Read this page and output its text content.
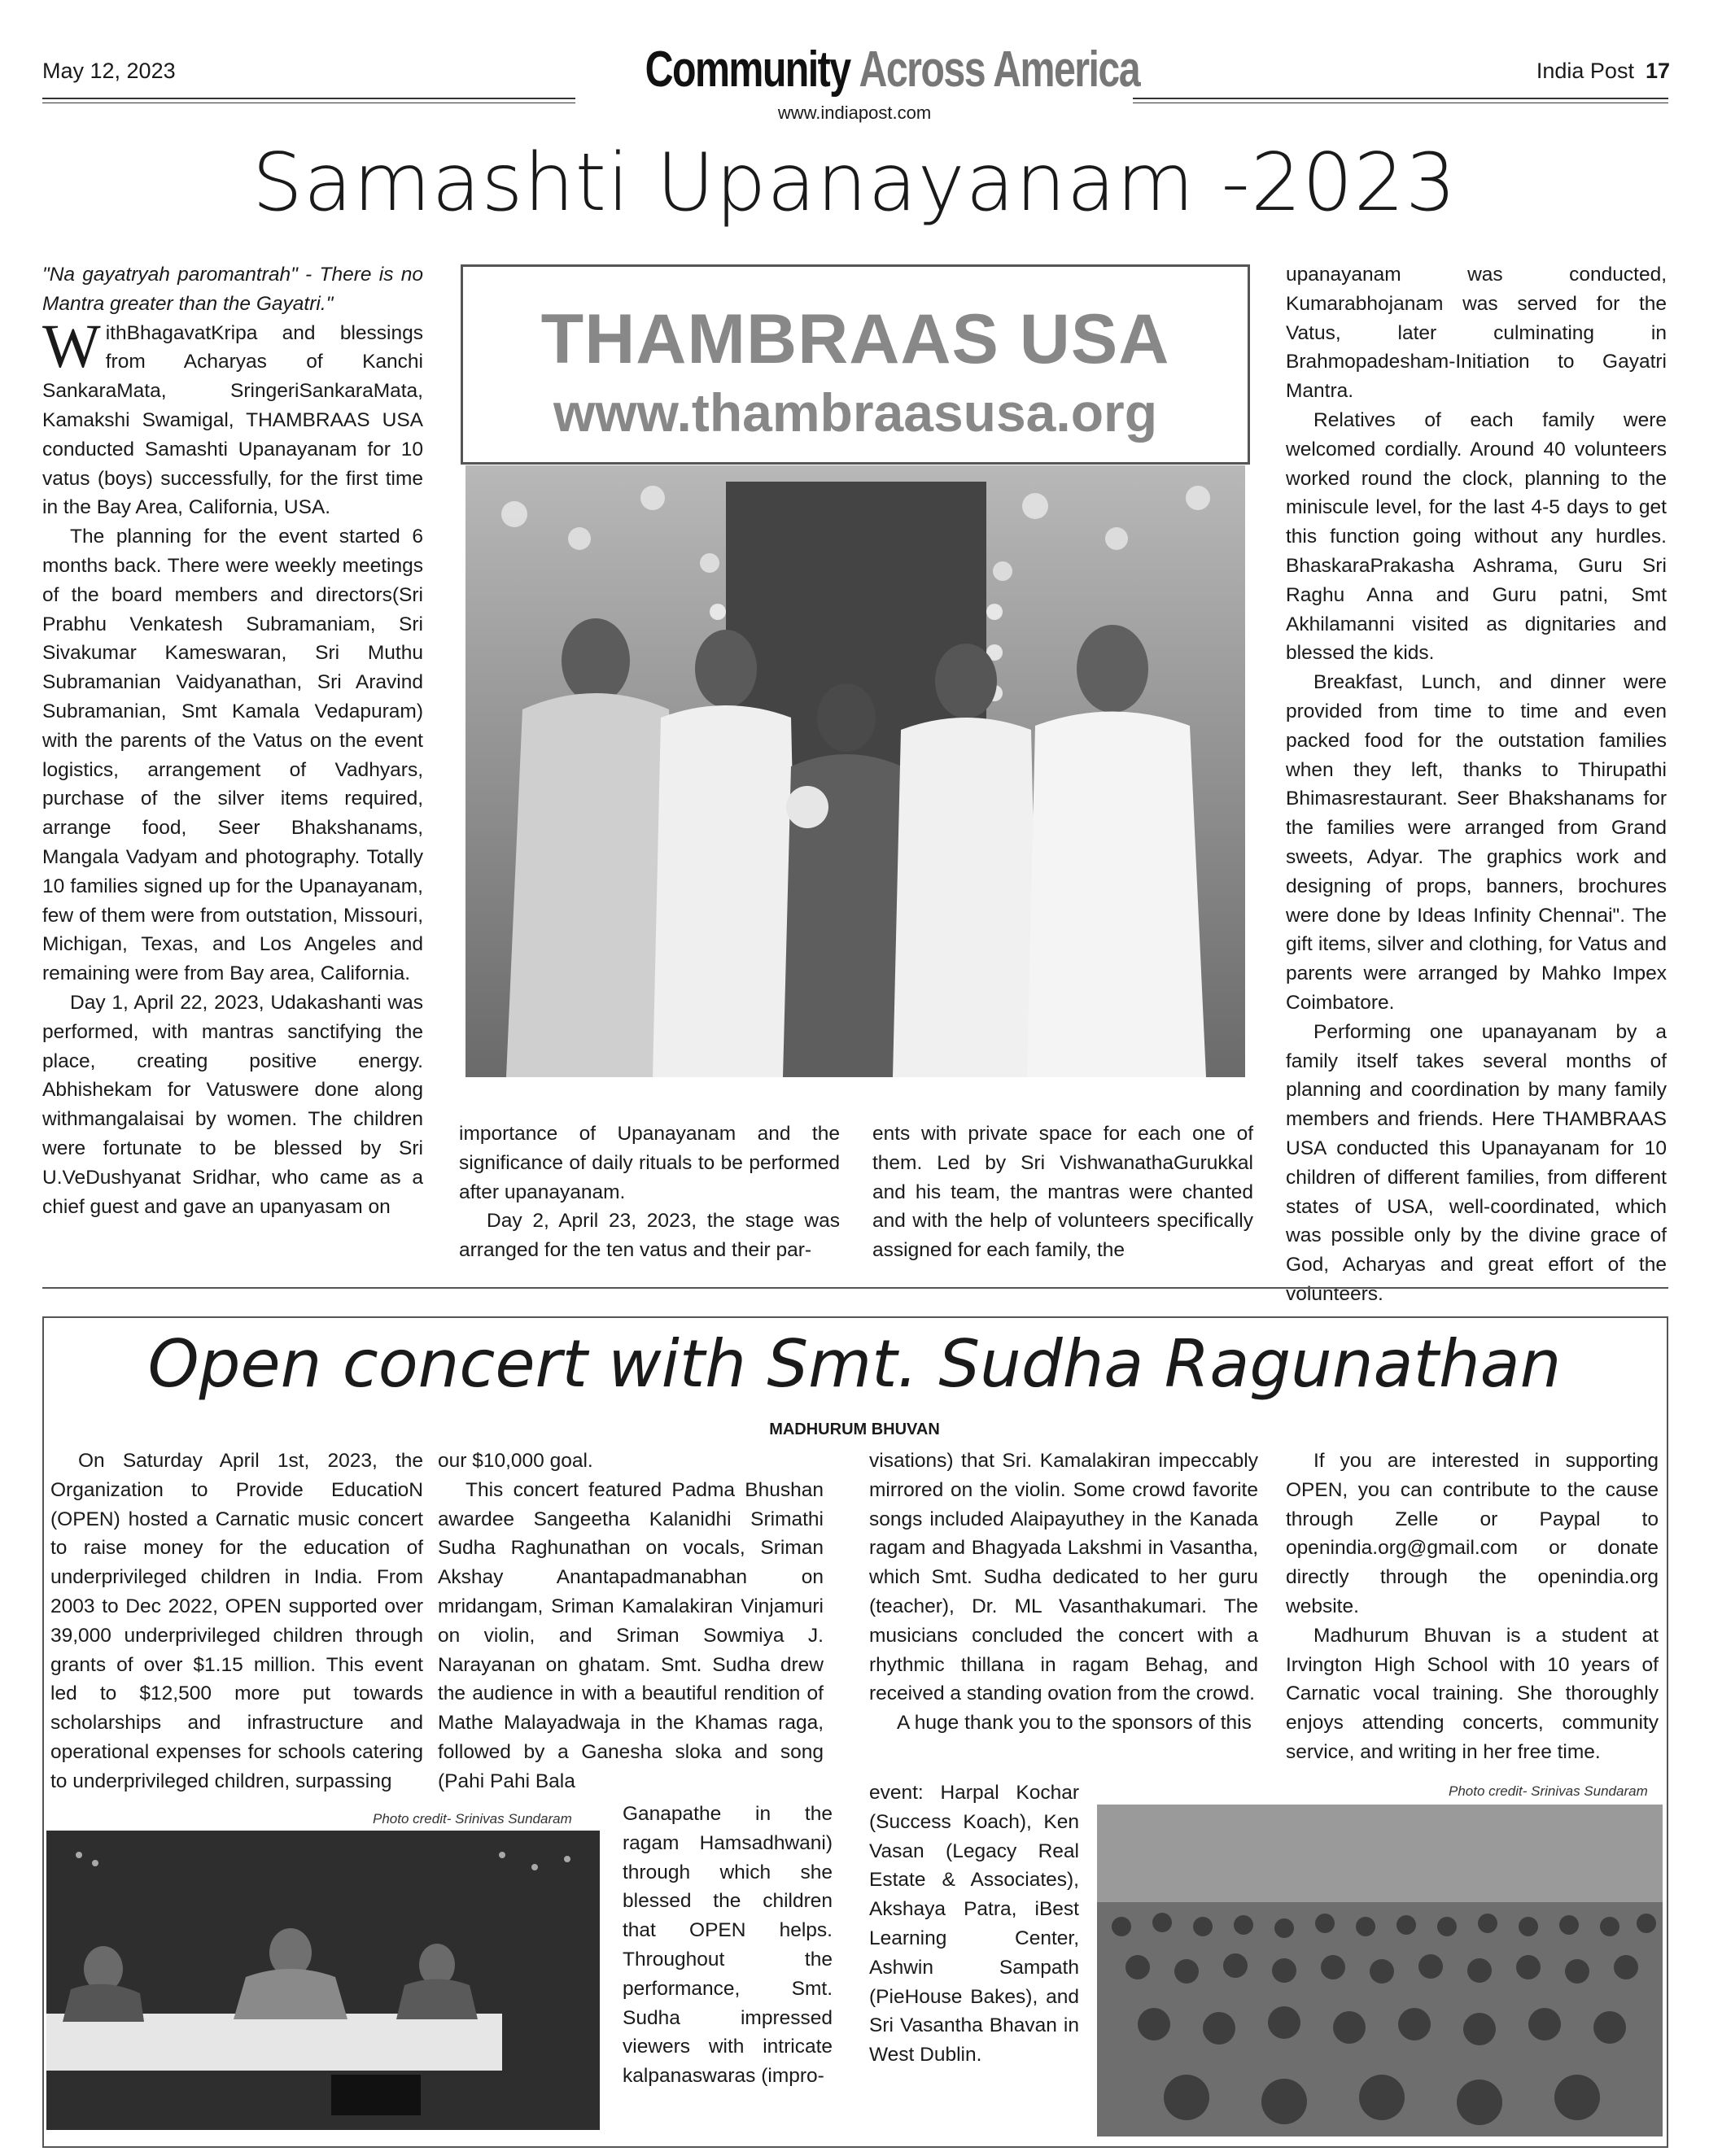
May 12, 2023	Community Across America
www.indiapost.com
India Post 17
Samashti Upanayanam -2023

"Na gayatryah paromantrah" - There is no Mantra greater than the Gayatri."

WithBhagavatKripa and blessings from Acharyas of Kanchi SankaraMata, SringeriSankaraMata, Kamakshi Swamigal, THAMBRAAS USA conducted Samashti Upanayanam for 10 vatus (boys) successfully, for the first time in the Bay Area, California, USA.

The planning for the event started 6 months back. There were weekly meetings of the board members and directors(Sri Prabhu Venkatesh Subramaniam, Sri Sivakumar Kameswaran, Sri Muthu Subramanian Vaidyanathan, Sri Aravind Subramanian, Smt Kamala Vedapuram) with the parents of the Vatus on the event logistics, arrangement of Vadhyars, purchase of the silver items required, arrange food, Seer Bhakshanams, Mangala Vadyam and photography. Totally 10 families signed up for the Upanayanam, few of them were from outstation, Missouri, Michigan, Texas, and Los Angeles and remaining were from Bay area, California.

Day 1, April 22, 2023, Udakashanti was performed, with mantras sanctifying the place, creating positive energy. Abhishekam for Vatuswere done along withmangalaisai by women. The children were fortunate to be blessed by Sri U.VeDushyanat Sridhar, who came as a chief guest and gave an upanyasam on

THAMBRAAS USA
www.thambraasusa.org

importance of Upanayanam and the significance of daily rituals to be performed after upanayanam.

Day 2, April 23, 2023, the stage was arranged for the ten vatus and their par-

ents with private space for each one of them. Led by Sri VishwanathaGurukkal and his team, the mantras were chanted and with the help of volunteers specifically assigned for each family, the

upanayanam was conducted, Kumarabhojanam was served for the Vatus, later culminating in Brahmopadesham-Initiation to Gayatri Mantra.

Relatives of each family were welcomed cordially. Around 40 volunteers worked round the clock, planning to the miniscule level, for the last 4-5 days to get this function going without any hurdles. BhaskaraPrakasha Ashrama, Guru Sri Raghu Anna and Guru patni, Smt Akhilamanni visited as dignitaries and blessed the kids.

Breakfast, Lunch, and dinner were provided from time to time and even packed food for the outstation families when they left, thanks to Thirupathi Bhimasrestaurant. Seer Bhakshanams for the families were arranged from Grand sweets, Adyar. The graphics work and designing of props, banners, brochures were done by Ideas Infinity Chennai". The gift items, silver and clothing, for Vatus and parents were arranged by Mahko Impex Coimbatore.

Performing one upanayanam by a family itself takes several months of planning and coordination by many family members and friends. Here THAMBRAAS USA conducted this Upanayanam for 10 children of different families, from different states of USA, well-coordinated, which was possible only by the divine grace of God, Acharyas and great effort of the volunteers.

Open concert with Smt. Sudha Ragunathan
MADHURUM BHUVAN

On Saturday April 1st, 2023, the Organization to Provide EducatioN (OPEN) hosted a Carnatic music concert to raise money for the education of underprivileged children in India. From 2003 to Dec 2022, OPEN supported over 39,000 underprivileged children through grants of over $1.15 million. This event led to $12,500 more put towards scholarships and infrastructure and operational expenses for schools catering to underprivileged children, surpassing

our $10,000 goal.

This concert featured Padma Bhushan awardee Sangeetha Kalanidhi Srimathi Sudha Raghunathan on vocals, Sriman Akshay Anantapadmanabhan on mridangam, Sriman Kamalakiran Vinjamuri on violin, and Sriman Sowmiya J. Narayanan on ghatam. Smt. Sudha drew the audience in with a beautiful rendition of Mathe Malayadwaja in the Khamas raga, followed by a Ganesha sloka and song (Pahi Pahi Bala

Ganapathe in the ragam Hamsadhwani) through which she blessed the children that OPEN helps. Throughout the performance, Smt. Sudha impressed viewers with intricate kalpanaswaras (impro-

visations) that Sri. Kamalakiran impeccably mirrored on the violin. Some crowd favorite songs included Alaipayuthey in the Kanada ragam and Bhagyada Lakshmi in Vasantha, which Smt. Sudha dedicated to her guru (teacher), Dr. ML Vasanthakumari. The musicians concluded the concert with a rhythmic thillana in ragam Behag, and received a standing ovation from the crowd.

A huge thank you to the sponsors of this

event: Harpal Kochar (Success Koach), Ken Vasan (Legacy Real Estate & Associates), Akshaya Patra, iBest Learning Center, Ashwin Sampath (PieHouse Bakes), and Sri Vasantha Bhavan in West Dublin.

If you are interested in supporting OPEN, you can contribute to the cause through Zelle or Paypal to openindia.org@gmail.com or donate directly through the openindia.org website.

Madhurum Bhuvan is a student at Irvington High School with 10 years of Carnatic vocal training. She thoroughly enjoys attending concerts, community service, and writing in her free time.

Photo credit- Srinivas Sundaram
Photo credit- Srinivas Sundaram
